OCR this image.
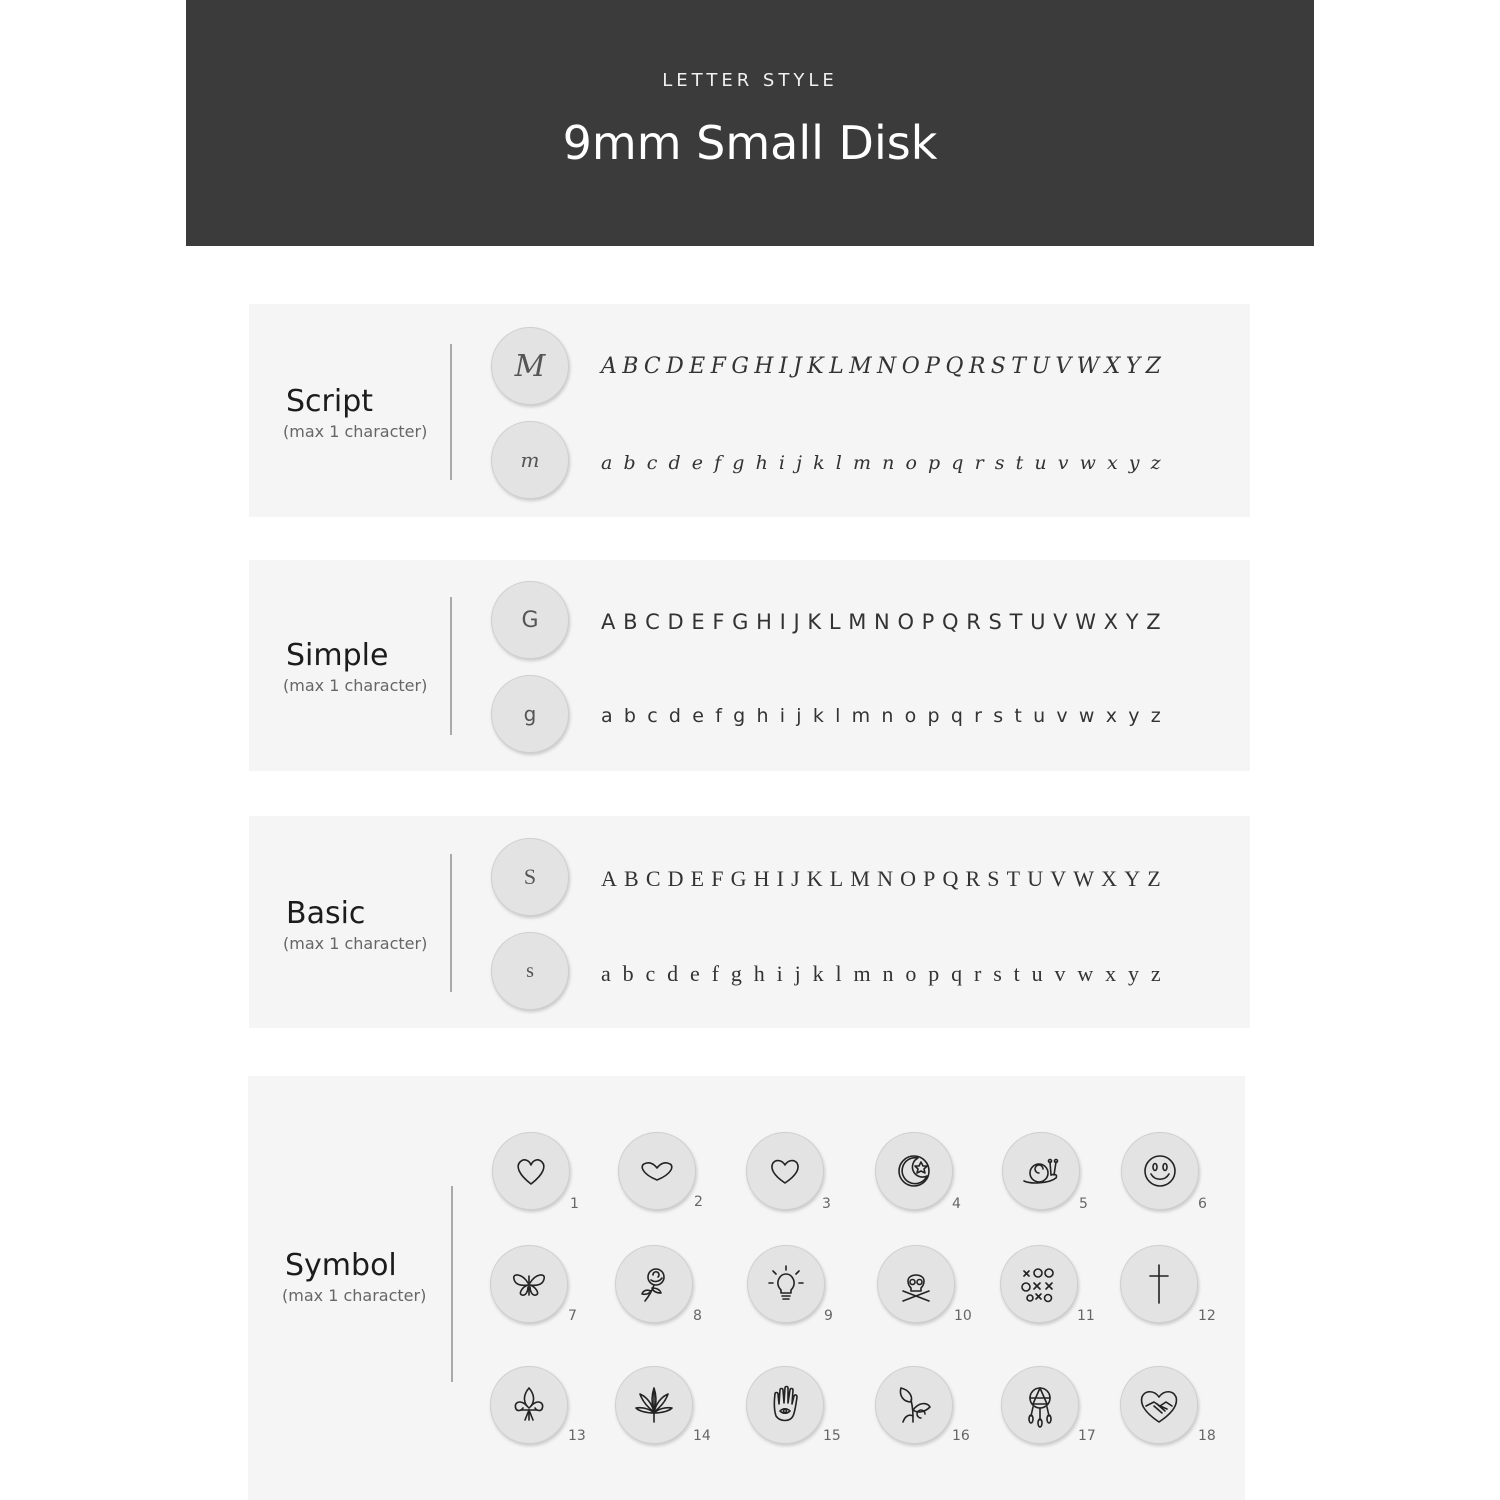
LETTER STYLE
9mm Small Disk
Script
(max 1 character)
M
m
A B C D E F G H I J K L M N O P Q R S T U V W X Y Z
a b c d e f g h i j k l m n o p q r s t u v w x y z
Simple
(max 1 character)
G
g
A B C D E F G H I J K L M N O P Q R S T U V W X Y Z
a b c d e f g h i j k l m n o p q r s t u v w x y z
Basic
(max 1 character)
S
s
A B C D E F G H I J K L M N O P Q R S T U V W X Y Z
a b c d e f g h i j k l m n o p q r s t u v w x y z
Symbol
(max 1 character)
1	2	3	4	5	6
7	8	9	10	11	12
13	14	15	16	17	18
